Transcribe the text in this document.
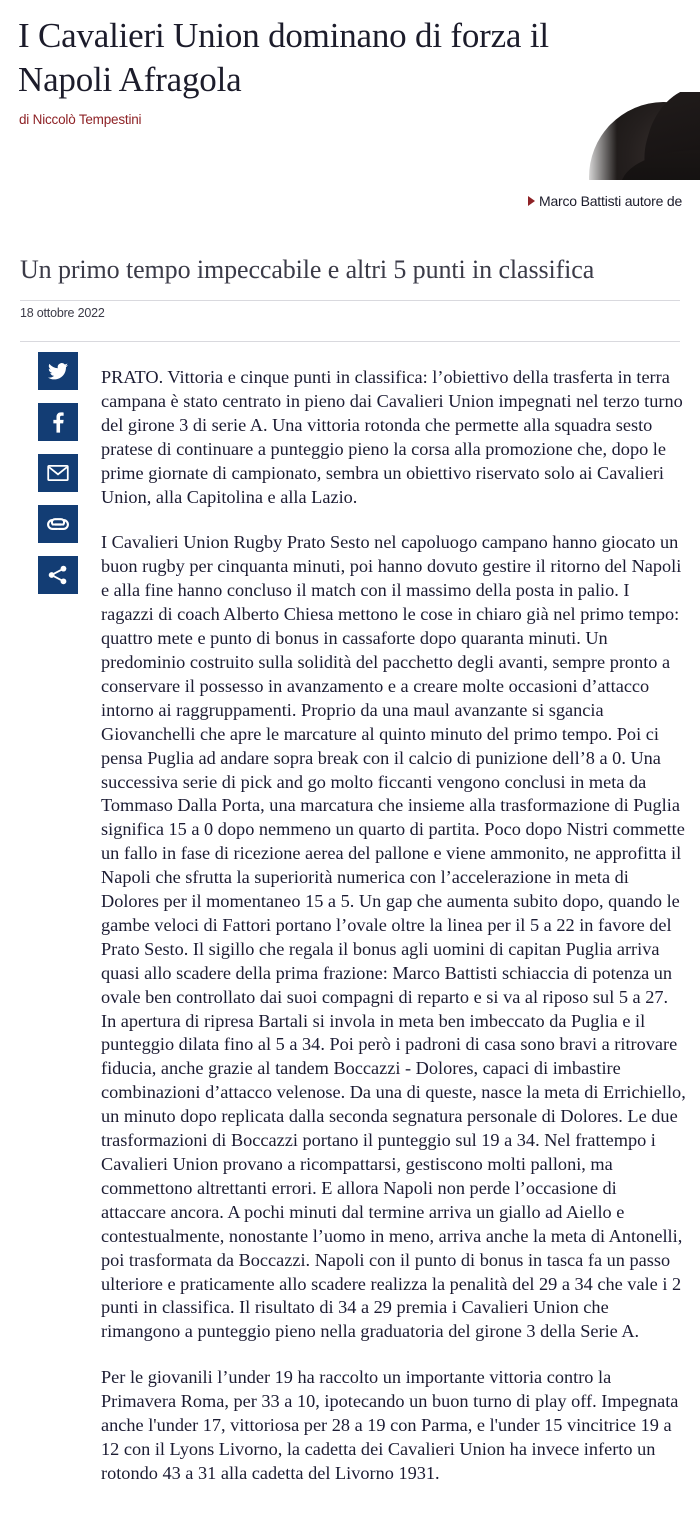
I Cavalieri Union dominano di forza il Napoli Afragola
di Niccolò Tempestini
Marco Battisti autore de
Un primo tempo impeccabile e altri 5 punti in classifica
18 ottobre 2022

PRATO. Vittoria e cinque punti in classifica: l’obiettivo della trasferta in terra campana è stato centrato in pieno dai Cavalieri Union impegnati nel terzo turno del girone 3 di serie A. Una vittoria rotonda che permette alla squadra sesto pratese di continuare a punteggio pieno la corsa alla promozione che, dopo le prime giornate di campionato, sembra un obiettivo riservato solo ai Cavalieri Union, alla Capitolina e alla Lazio.

I Cavalieri Union Rugby Prato Sesto nel capoluogo campano hanno giocato un buon rugby per cinquanta minuti, poi hanno dovuto gestire il ritorno del Napoli e alla fine hanno concluso il match con il massimo della posta in palio. I ragazzi di coach Alberto Chiesa mettono le cose in chiaro già nel primo tempo: quattro mete e punto di bonus in cassaforte dopo quaranta minuti. Un predominio costruito sulla solidità del pacchetto degli avanti, sempre pronto a conservare il possesso in avanzamento e a creare molte occasioni d’attacco intorno ai raggruppamenti. Proprio da una maul avanzante si sgancia Giovanchelli che apre le marcature al quinto minuto del primo tempo. Poi ci pensa Puglia ad andare sopra break con il calcio di punizione dell’8 a 0. Una successiva serie di pick and go molto ficcanti vengono conclusi in meta da Tommaso Dalla Porta, una marcatura che insieme alla trasformazione di Puglia significa 15 a 0 dopo nemmeno un quarto di partita. Poco dopo Nistri commette un fallo in fase di ricezione aerea del pallone e viene ammonito, ne approfitta il Napoli che sfrutta la superiorità numerica con l’accelerazione in meta di Dolores per il momentaneo 15 a 5. Un gap che aumenta subito dopo, quando le gambe veloci di Fattori portano l’ovale oltre la linea per il 5 a 22 in favore del Prato Sesto. Il sigillo che regala il bonus agli uomini di capitan Puglia arriva quasi allo scadere della prima frazione: Marco Battisti schiaccia di potenza un ovale ben controllato dai suoi compagni di reparto e si va al riposo sul 5 a 27. In apertura di ripresa Bartali si invola in meta ben imbeccato da Puglia e il punteggio dilata fino al 5 a 34. Poi però i padroni di casa sono bravi a ritrovare fiducia, anche grazie al tandem Boccazzi - Dolores, capaci di imbastire combinazioni d’attacco velenose. Da una di queste, nasce la meta di Errichiello, un minuto dopo replicata dalla seconda segnatura personale di Dolores. Le due trasformazioni di Boccazzi portano il punteggio sul 19 a 34. Nel frattempo i Cavalieri Union provano a ricompattarsi, gestiscono molti palloni, ma commettono altrettanti errori. E allora Napoli non perde l’occasione di attaccare ancora. A pochi minuti dal termine arriva un giallo ad Aiello e contestualmente, nonostante l’uomo in meno, arriva anche la meta di Antonelli, poi trasformata da Boccazzi. Napoli con il punto di bonus in tasca fa un passo ulteriore e praticamente allo scadere realizza la penalità del 29 a 34 che vale i 2 punti in classifica. Il risultato di 34 a 29 premia i Cavalieri Union che rimangono a punteggio pieno nella graduatoria del girone 3 della Serie A.

Per le giovanili l’under 19 ha raccolto un importante vittoria contro la Primavera Roma, per 33 a 10, ipotecando un buon turno di play off. Impegnata anche l'under 17, vittoriosa per 28 a 19 con Parma, e l'under 15 vincitrice 19 a 12 con il Lyons Livorno, la cadetta dei Cavalieri Union ha invece inferto un rotondo 43 a 31 alla cadetta del Livorno 1931.
